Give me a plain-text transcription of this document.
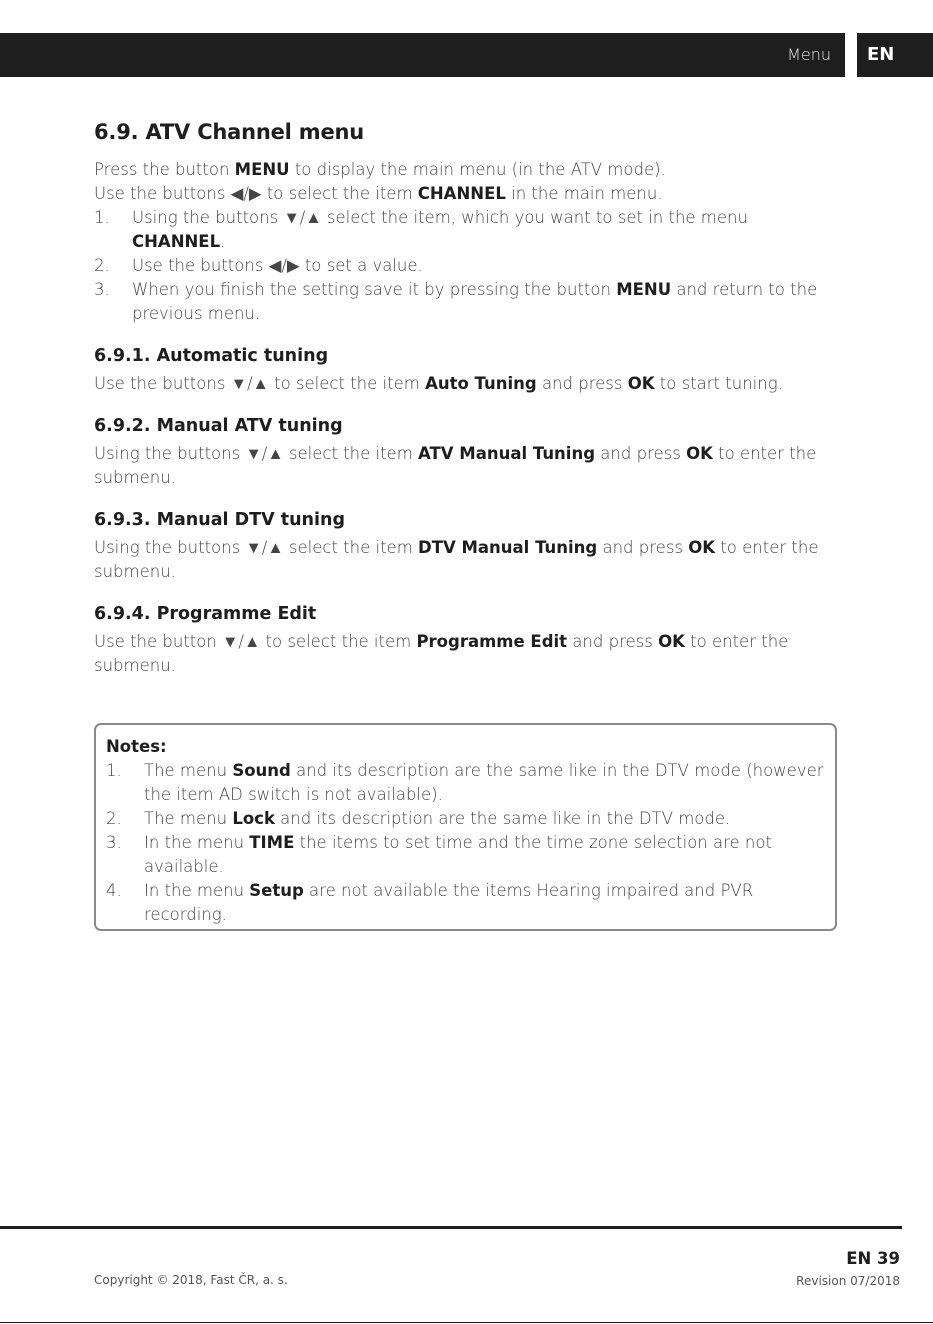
Menu	EN
6.9. ATV Channel menu

Press the button MENU to display the main menu (in the ATV mode).

Use the buttons ◀/▶ to select the item CHANNEL in the main menu.

1. Using the buttons ▼/▲ select the item, which you want to set in the menu
CHANNEL.
2. Use the buttons ◀/▶ to set a value.
3. When you finish the setting save it by pressing the button MENU and return to the previous menu.
6.9.1. Automatic tuning

Use the buttons ▼/▲ to select the item Auto Tuning and press OK to start tuning.

6.9.2. Manual ATV tuning

Using the buttons ▼/▲ select the item ATV Manual Tuning and press OK to enter the submenu.

6.9.3. Manual DTV tuning

Using the buttons ▼/▲ select the item DTV Manual Tuning and press OK to enter the submenu.

6.9.4. Programme Edit

Use the button ▼/▲ to select the item Programme Edit and press OK to enter the submenu.

Notes:
1. The menu Sound and its description are the same like in the DTV mode (however the item AD switch is not available).
2. The menu Lock and its description are the same like in the DTV mode.
3. In the menu TIME the items to set time and the time zone selection are not available.
4. In the menu Setup are not available the items Hearing impaired and PVR recording.
Copyright © 2018, Fast ČR, a. s.
EN 39
Revision 07/2018
